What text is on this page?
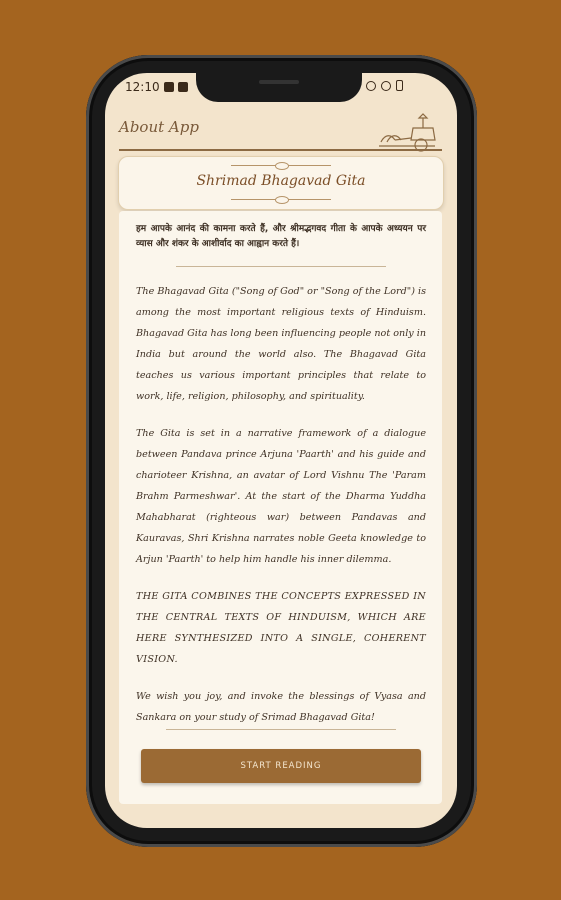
12:10
About App
Shrimad Bhagavad Gita

हम आपके आनंद की कामना करते हैं, और श्रीमद्भगवद गीता के आपके अध्ययन पर व्यास और शंकर के आशीर्वाद का आह्वान करते हैं।

The Bhagavad Gita ("Song of God" or "Song of the Lord") is among the most important religious texts of Hinduism. Bhagavad Gita has long been influencing people not only in India but around the world also. The Bhagavad Gita teaches us various important principles that relate to work, life, religion, philosophy, and spirituality.

The Gita is set in a narrative framework of a dialogue between Pandava prince Arjuna 'Paarth' and his guide and charioteer Krishna, an avatar of Lord Vishnu The 'Param Brahm Parmeshwar'. At the start of the Dharma Yuddha Mahabharat (righteous war) between Pandavas and Kauravas, Shri Krishna narrates noble Geeta knowledge to Arjun 'Paarth' to help him handle his inner dilemma.

THE GITA COMBINES THE CONCEPTS EXPRESSED IN THE CENTRAL TEXTS OF HINDUISM, WHICH ARE HERE SYNTHESIZED INTO A SINGLE, COHERENT VISION.

We wish you joy, and invoke the blessings of Vyasa and Sankara on your study of Srimad Bhagavad Gita!

START READING
